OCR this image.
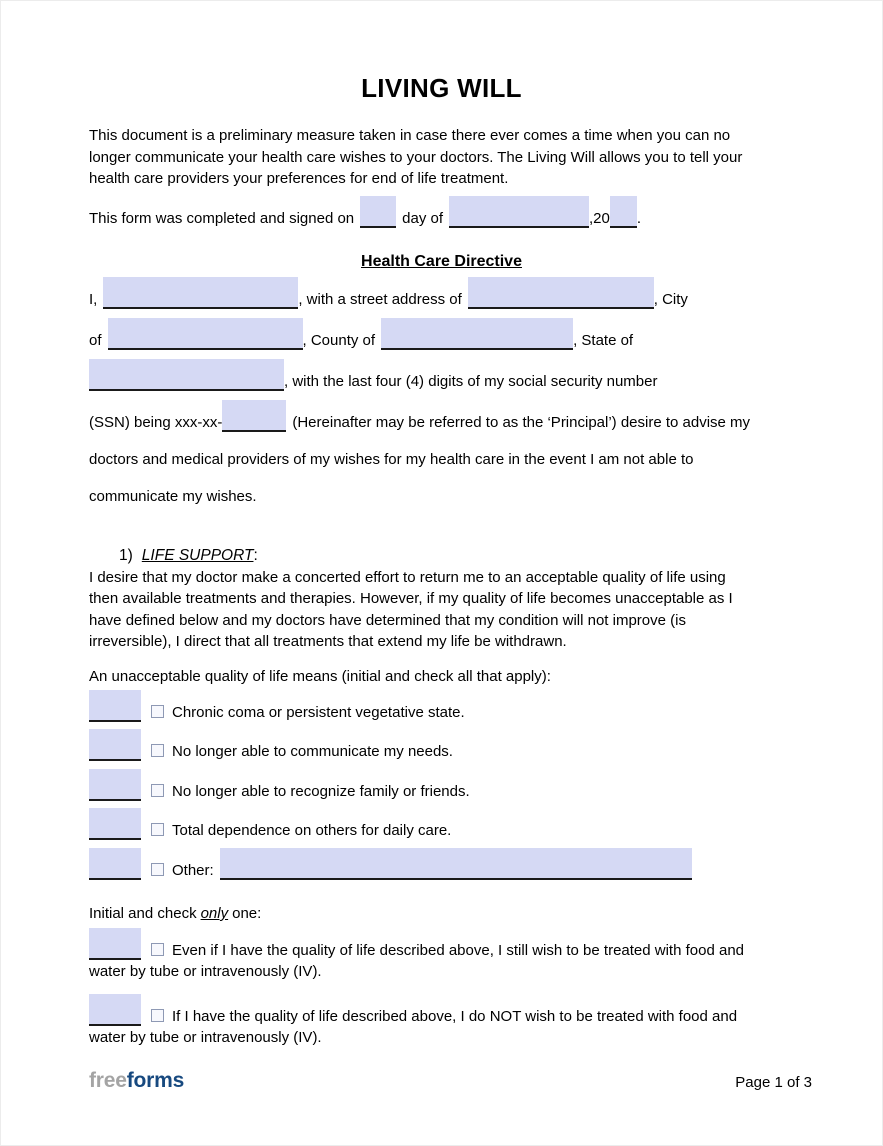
LIVING WILL
This document is a preliminary measure taken in case there ever comes a time when you can no
longer communicate your health care wishes to your doctors. The Living Will allows you to tell your
health care providers your preferences for end of life treatment.
This form was completed and signed on	day of	,20 .
Health Care Directive
I,	, with a street address of	, City
of	, County of	, State of
, with the last four (4) digits of my social security number
(SSN) being xxx-xx-	(Hereinafter may be referred to as the ‘Principal’) desire to advise my
doctors and medical providers of my wishes for my health care in the event I am not able to
communicate my wishes.
1) LIFE SUPPORT:
I desire that my doctor make a concerted effort to return me to an acceptable quality of life using
then available treatments and therapies. However, if my quality of life becomes unacceptable as I
have defined below and my doctors have determined that my condition will not improve (is
irreversible), I direct that all treatments that extend my life be withdrawn.
An unacceptable quality of life means (initial and check all that apply):
Chronic coma or persistent vegetative state.
No longer able to communicate my needs.
No longer able to recognize family or friends.
Total dependence on others for daily care.
Other:
Initial and check only one:
Even if I have the quality of life described above, I still wish to be treated with food and
water by tube or intravenously (IV).
If I have the quality of life described above, I do NOT wish to be treated with food and
water by tube or intravenously (IV).
freeforms	Page 1 of 3
